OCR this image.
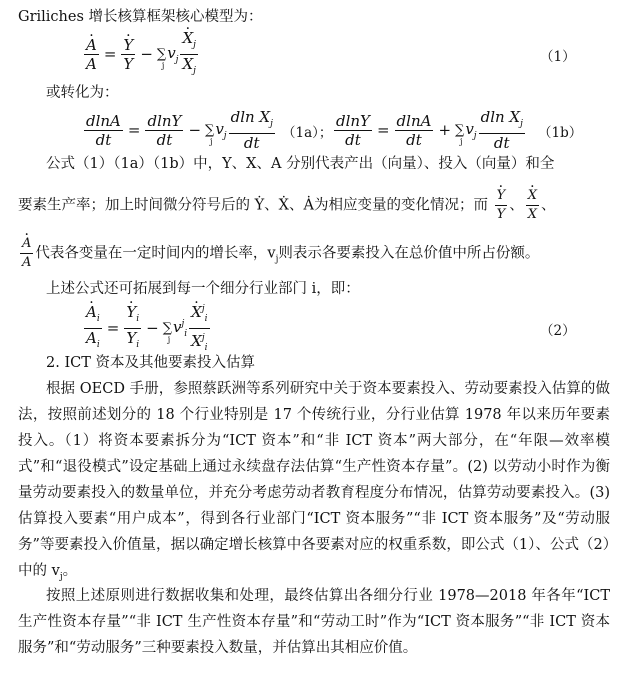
Griliches 增长核算框架核心模型为：
· $\frac{A}{A}$ =
· $\frac{Y}{Y}$ − ∑
j
$v_j$
· $\frac{X_j}{X_j}$	（1）
或转化为：
$\frac{dlnA}{dt} = \frac{dlnY}{dt}$ − ∑
j
$v_j \frac{dln X_j}{dt} (1a)$； $\frac{dlnY}{dt} = \frac{dlnA}{dt}$ + ∑
j
$v_j \frac{dln X_j}{dt} (1b)$
公式（1）（1a）（1b）中，Y、X、A 分别代表产出（向量）、投入（向量）和全
要素生产率；加上时间微分符号后的 Ẏ、Ẋ、Ȧ为相应变量的变化情况；而
· $\frac{Y}{Y}$ 、
· $\frac{X}{X}$ 、
· $\frac{A}{A}$ 代表各变量在一定时间内的增长率，$v_j$则表示各要素投入在总价值中所占份额。
上述公式还可拓展到每一个细分行业部门 i，即：
· $\frac{A_i}{A_i}$ =
· $\frac{Y_i}{Y_i}$ − ∑
j
$v^j_i$
· $\frac{X^j_i}{X^j_i}$	（2）
2. ICT 资本及其他要素投入估算
根据 OECD 手册，参照蔡跃洲等系列研究中关于资本要素投入、劳动要素投入估算的做法，按照前述划分的 18 个行业特别是 17 个传统行业，分行业估算 1978 年以来历年要素投入。（1）将资本要素拆分为“ICT 资本”和“非 ICT 资本”两大部分，在“年限—效率模式”和“退役模式”设定基础上通过永续盘存法估算“生产性资本存量”。(2) 以劳动小时作为衡量劳动要素投入的数量单位，并充分考虑劳动者教育程度分布情况，估算劳动要素投入。(3) 估算投入要素“用户成本”，得到各行业部门“ICT 资本服务”“非 ICT 资本服务”及“劳动服务”等要素投入价值量，据以确定增长核算中各要素对应的权重系数，即公式（1）、公式（2）中的 $v_j$。
按照上述原则进行数据收集和处理，最终估算出各细分行业 1978—2018 年各年“ICT 生产性资本存量”“非 ICT 生产性资本存量”和“劳动工时”作为“ICT 资本服务”“非 ICT 资本服务”和“劳动服务”三种要素投入数量，并估算出其相应价值。
